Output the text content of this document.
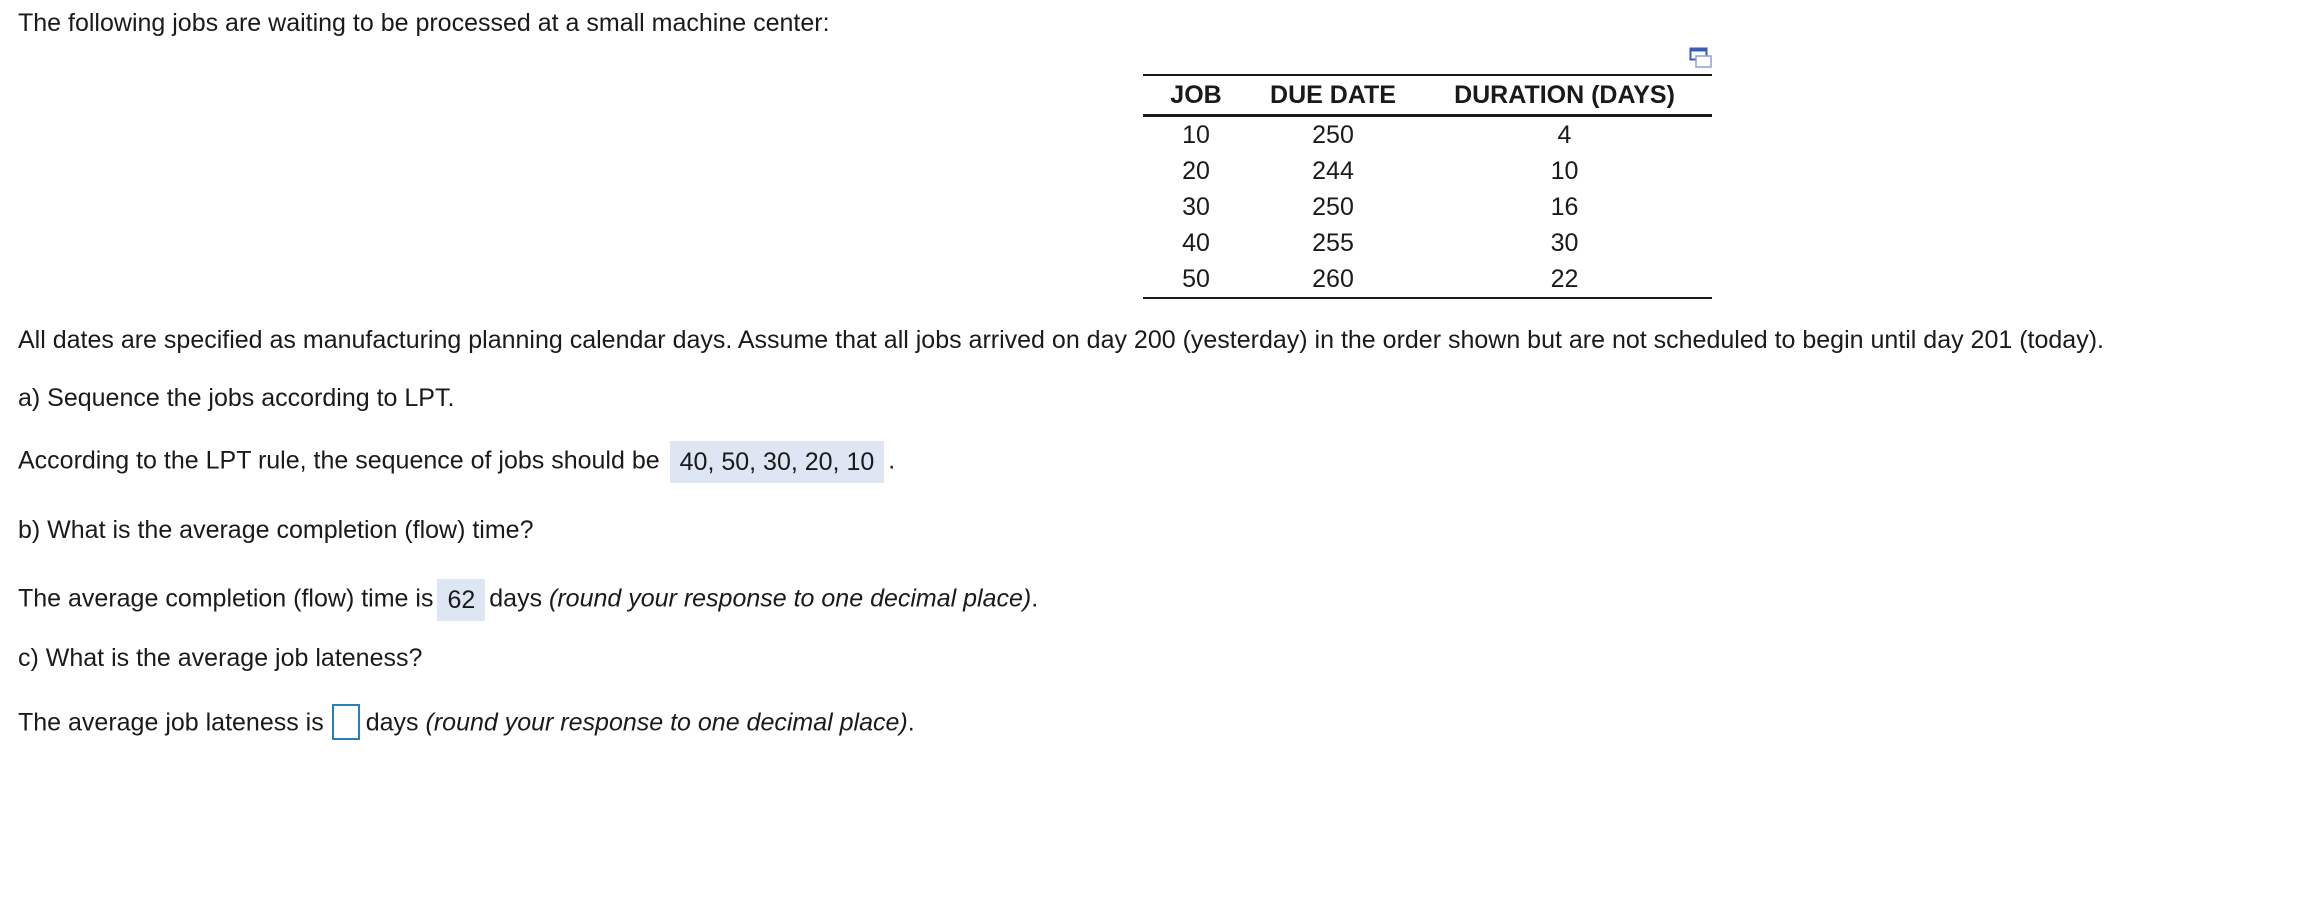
The following jobs are waiting to be processed at a small machine center:
JOB	DUE DATE	DURATION (DAYS)
10	250	4
20	244	10
30	250	16
40	255	30
50	260	22
All dates are specified as manufacturing planning calendar days. Assume that all jobs arrived on day 200 (yesterday) in the order shown but are not scheduled to begin until day 201 (today).
a) Sequence the jobs according to LPT.
According to the LPT rule, the sequence of jobs should be 40, 50, 30, 20, 10 .
b) What is the average completion (flow) time?
The average completion (flow) time is 62 days (round your response to one decimal place).
c) What is the average job lateness?
The average job lateness is days (round your response to one decimal place).
